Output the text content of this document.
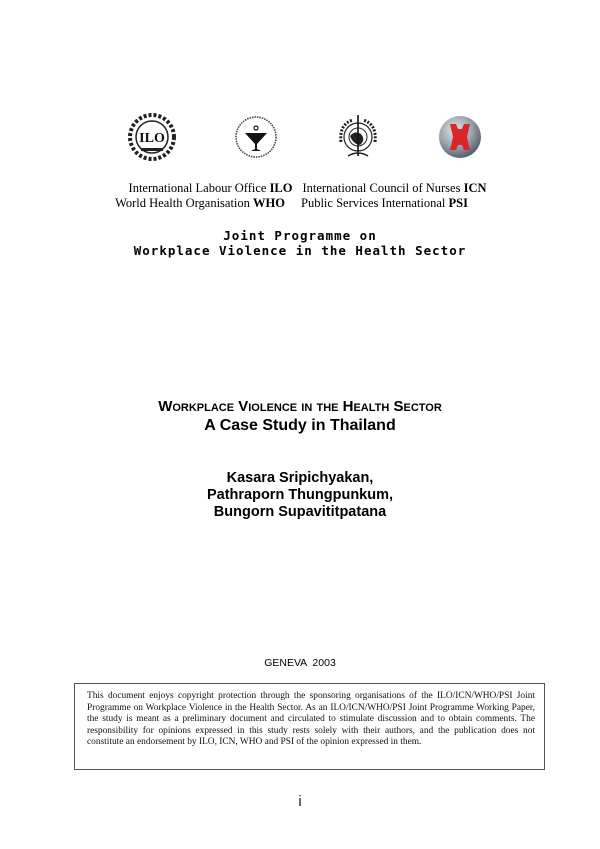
ILO
International Labour Office ILO International Council of Nurses ICN
World Health Organisation WHO	Public Services International PSI
Joint Programme on
Workplace Violence in the Health Sector
Workplace Violence in the Health Sector
A Case Study in Thailand
Kasara Sripichyakan,
Pathraporn Thungpunkum,
Bungorn Supavititpatana
GENEVA  2003
This document enjoys copyright protection through the sponsoring organisations of the ILO/ICN/WHO/PSI Joint Programme on Workplace Violence in the Health Sector. As an ILO/ICN/WHO/PSI Joint Programme Working Paper, the study is meant as a preliminary document and circulated to stimulate discussion and to obtain comments. The responsibility for opinions expressed in this study rests solely with their authors, and the publication does not constitute an endorsement by ILO, ICN, WHO and PSI of the opinion expressed in them.
i
